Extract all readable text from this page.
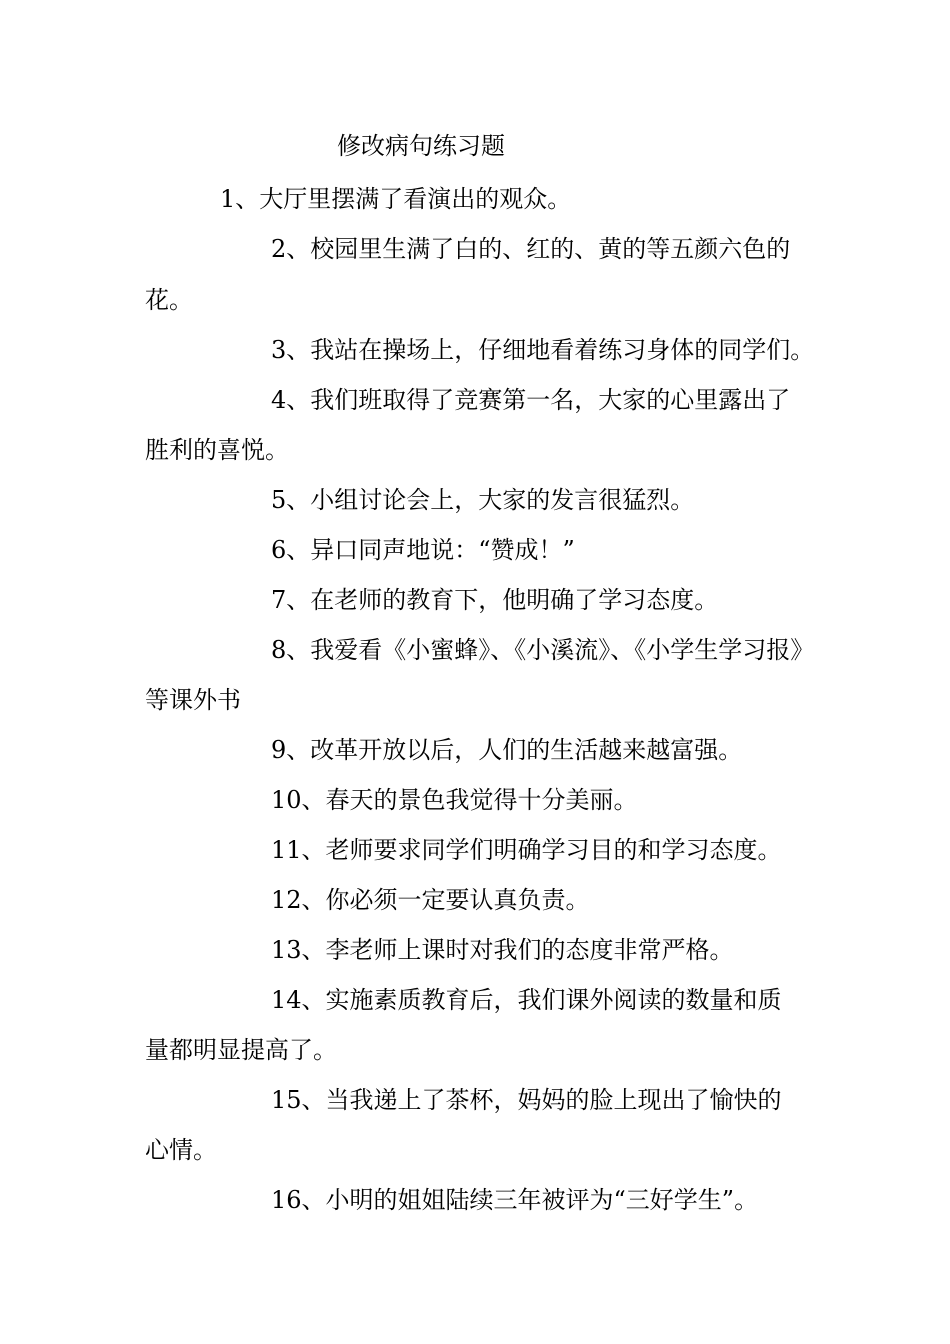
修改病句练习题
1、大厅里摆满了看演出的观众。
2、校园里生满了白的、红的、黄的等五颜六色的
花。
3、我站在操场上，仔细地看着练习身体的同学们。
4、我们班取得了竞赛第一名，大家的心里露出了
胜利的喜悦。
5、小组讨论会上，大家的发言很猛烈。
6、异口同声地说：“赞成！”
7、在老师的教育下，他明确了学习态度。
8、我爱看《小蜜蜂》、《小溪流》、《小学生学习报》
等课外书
9、改革开放以后，人们的生活越来越富强。
10、春天的景色我觉得十分美丽。
11、老师要求同学们明确学习目的和学习态度。
12、你必须一定要认真负责。
13、李老师上课时对我们的态度非常严格。
14、实施素质教育后，我们课外阅读的数量和质
量都明显提高了。
15、当我递上了茶杯，妈妈的脸上现出了愉快的
心情。
16、小明的姐姐陆续三年被评为“三好学生”。
